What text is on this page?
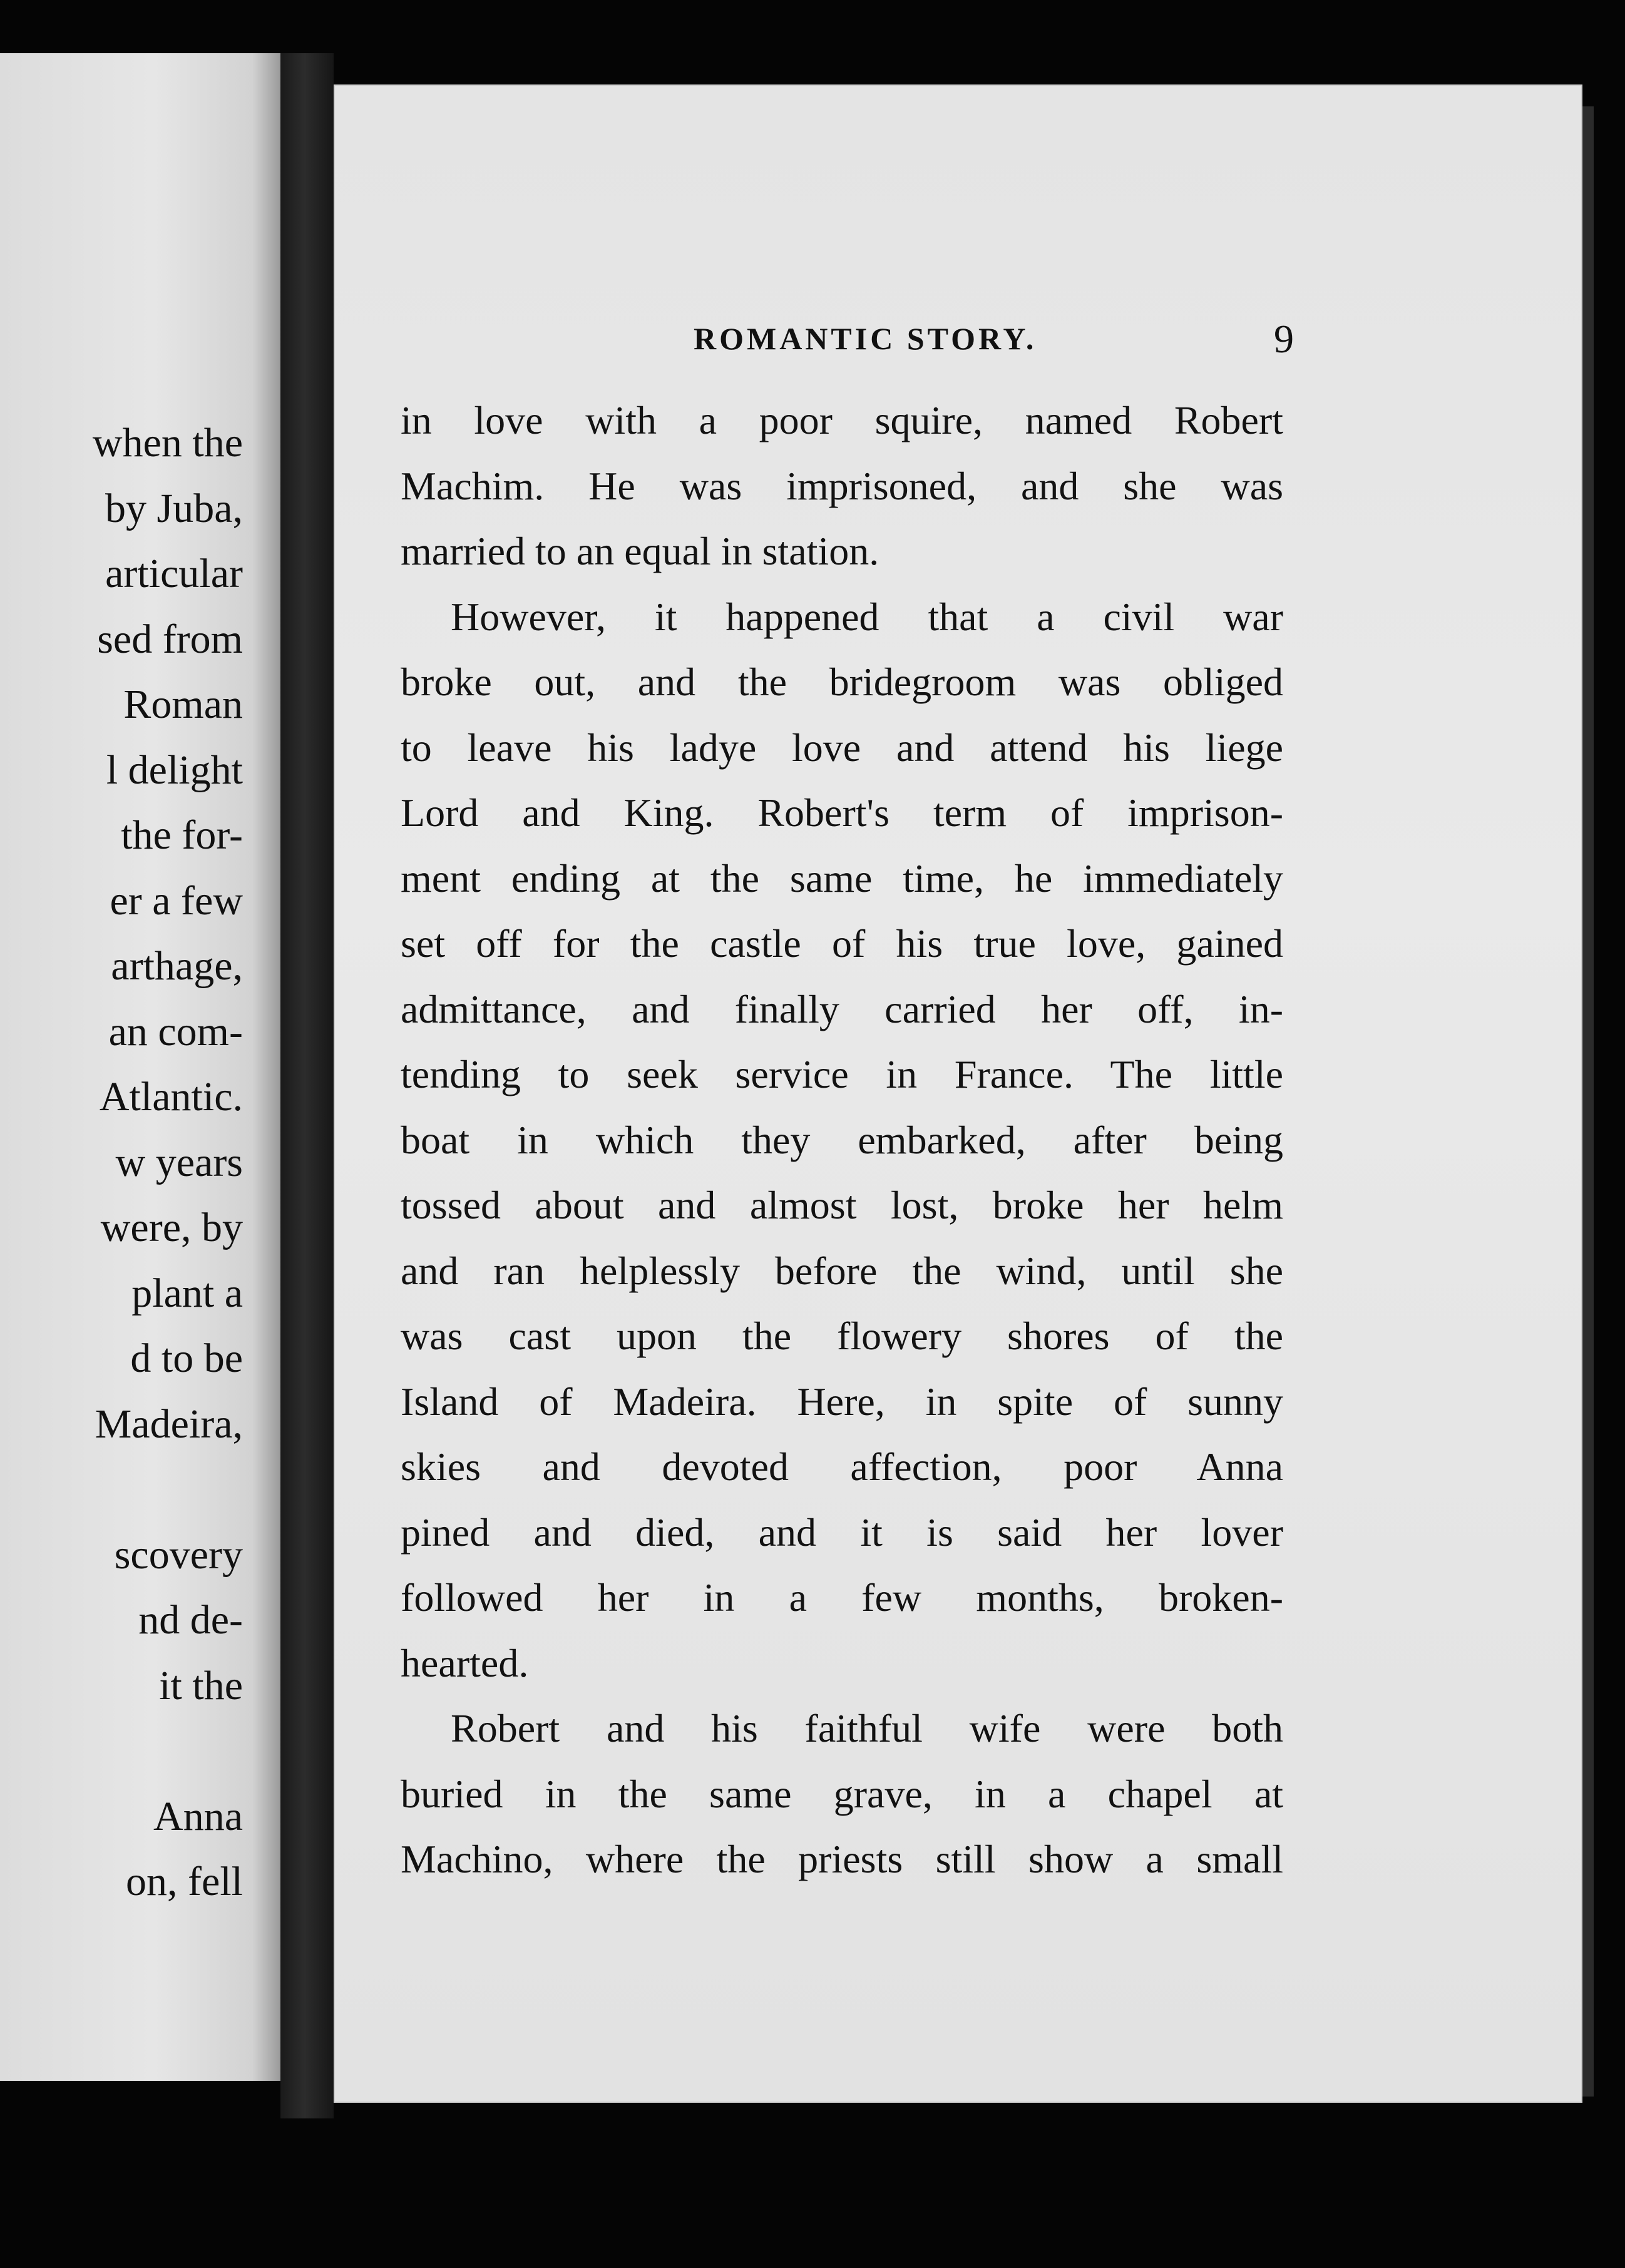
when the
by Juba,
articular
sed from
Roman
l delight
the for-
er a few
arthage,
an com-
Atlantic.
w years
were, by
plant a
d to be
Madeira,
scovery
nd de-
it the
Anna
on, fell
ROMANTIC STORY.	9
in love with a poor squire, named Robert
Machim. He was imprisoned, and she was
married to an equal in station.
However, it happened that a civil war
broke out, and the bridegroom was obliged
to leave his ladye love and attend his liege
Lord and King. Robert's term of imprison-
ment ending at the same time, he immediately
set off for the castle of his true love, gained
admittance, and finally carried her off, in-
tending to seek service in France. The little
boat in which they embarked, after being
tossed about and almost lost, broke her helm
and ran helplessly before the wind, until she
was cast upon the flowery shores of the
Island of Madeira. Here, in spite of sunny
skies and devoted affection, poor Anna
pined and died, and it is said her lover
followed her in a few months, broken-
hearted.
Robert and his faithful wife were both
buried in the same grave, in a chapel at
Machino, where the priests still show a small
